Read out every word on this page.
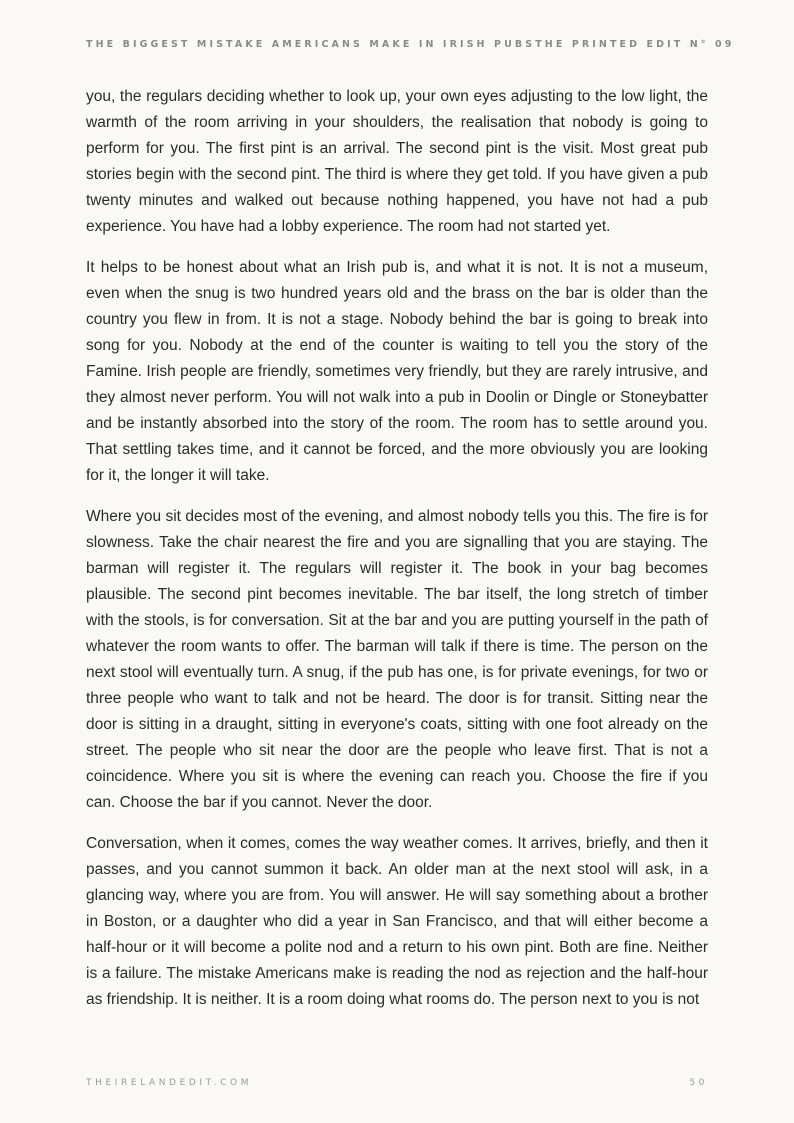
THE BIGGEST MISTAKE AMERICANS MAKE IN IRISH PUBS THE PRINTED EDIT N° 09

you, the regulars deciding whether to look up, your own eyes adjusting to the low light, the warmth of the room arriving in your shoulders, the realisation that nobody is going to perform for you. The first pint is an arrival. The second pint is the visit. Most great pub stories begin with the second pint. The third is where they get told. If you have given a pub twenty minutes and walked out because nothing happened, you have not had a pub experience. You have had a lobby experience. The room had not started yet.

It helps to be honest about what an Irish pub is, and what it is not. It is not a museum, even when the snug is two hundred years old and the brass on the bar is older than the country you flew in from. It is not a stage. Nobody behind the bar is going to break into song for you. Nobody at the end of the counter is waiting to tell you the story of the Famine. Irish people are friendly, sometimes very friendly, but they are rarely intrusive, and they almost never perform. You will not walk into a pub in Doolin or Dingle or Stoneybatter and be instantly absorbed into the story of the room. The room has to settle around you. That settling takes time, and it cannot be forced, and the more obviously you are looking for it, the longer it will take.

Where you sit decides most of the evening, and almost nobody tells you this. The fire is for slowness. Take the chair nearest the fire and you are signalling that you are staying. The barman will register it. The regulars will register it. The book in your bag becomes plausible. The second pint becomes inevitable. The bar itself, the long stretch of timber with the stools, is for conversation. Sit at the bar and you are putting yourself in the path of whatever the room wants to offer. The barman will talk if there is time. The person on the next stool will eventually turn. A snug, if the pub has one, is for private evenings, for two or three people who want to talk and not be heard. The door is for transit. Sitting near the door is sitting in a draught, sitting in everyone's coats, sitting with one foot already on the street. The people who sit near the door are the people who leave first. That is not a coincidence. Where you sit is where the evening can reach you. Choose the fire if you can. Choose the bar if you cannot. Never the door.

Conversation, when it comes, comes the way weather comes. It arrives, briefly, and then it passes, and you cannot summon it back. An older man at the next stool will ask, in a glancing way, where you are from. You will answer. He will say something about a brother in Boston, or a daughter who did a year in San Francisco, and that will either become a half-hour or it will become a polite nod and a return to his own pint. Both are fine. Neither is a failure. The mistake Americans make is reading the nod as rejection and the half-hour as friendship. It is neither. It is a room doing what rooms do. The person next to you is not

THEIRELANDEDIT.COM	50
